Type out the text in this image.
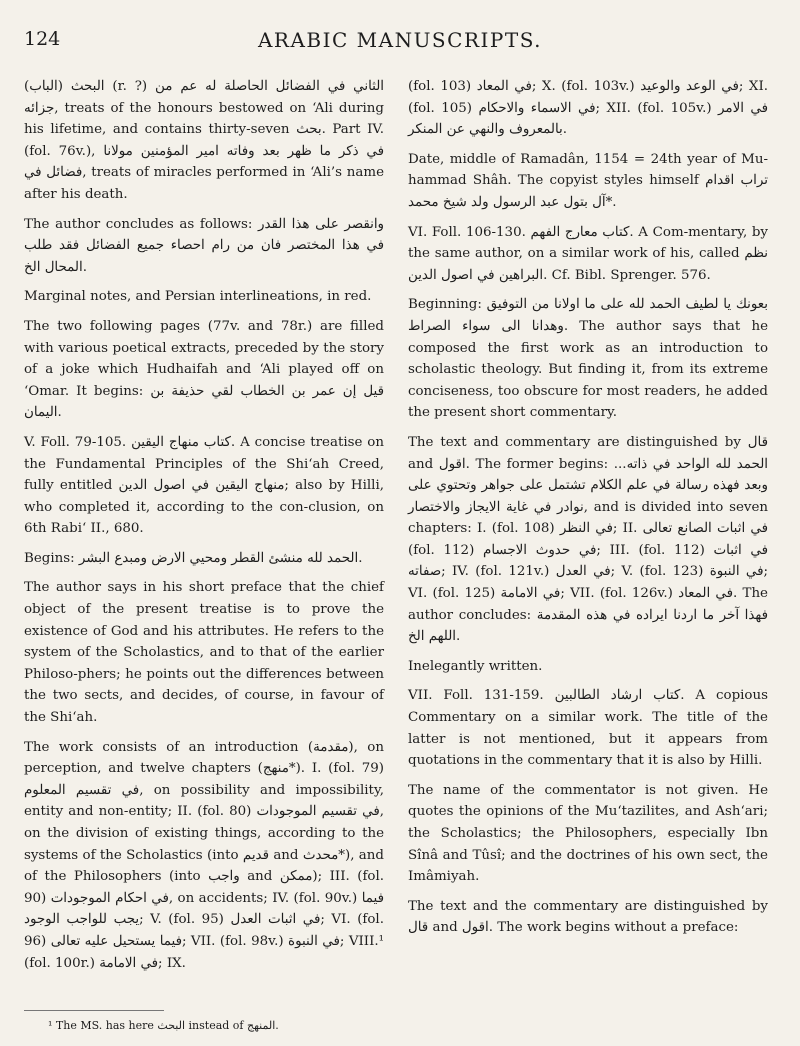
124	ARABIC MANUSCRIPTS.

البحث (الباب) (r. ?) الثاني في الفضائل الحاصلة له عم من جزائه, treats of the honours bestowed on ‘Ali during his lifetime, and contains thirty-seven بحث. Part IV. (fol. 76v.), في ذكر ما ظهر بعد وفاته امير المؤمنين مولانا فضائل في, treats of miracles performed in ‘Ali’s name after his death.

The author concludes as follows: وانقصر على هذا القدر في هذا المختصر فان من رام احصاء جميع الفضائل فقد طلب المحال الخ.

Marginal notes, and Persian interlineations, in red.

The two following pages (77v. and 78r.) are filled with various poetical extracts, preceded by the story of a joke which Hudhaifah and ‘Ali played off on ‘Omar. It begins: قيل إن عمر بن الخطاب لقي حذيفة بن اليمان.

V. Foll. 79-105. كتاب منهاج اليقين. A concise treatise on the Fundamental Principles of the Shi‘ah Creed, fully entitled منهاج اليقين في اصول الدين; also by Hilli, who completed it, according to the con-clusion, on 6th Rabi‘ II., 680.

Begins: الحمد لله منشئ القطر ومحيي الارض ومبدع البشر.

The author says in his short preface that the chief object of the present treatise is to prove the existence of God and his attributes. He refers to the system of the Scholastics, and to that of the earlier Philoso-phers; he points out the differences between the two sects, and decides, of course, in favour of the Shi‘ah.

The work consists of an introduction (مقدمة), on perception, and twelve chapters (منهج*). I. (fol. 79) في تقسيم المعلوم, on possibility and impossibility, entity and non-entity; II. (fol. 80) في تقسيم الموجودات, on the division of existing things, according to the systems of the Scholastics (into قديم and محدث*), and of the Philosophers (into واجب and ممكن); III. (fol. 90) في احكام الموجودات, on accidents; IV. (fol. 90v.) فيما يجب للواجب الوجود; V. (fol. 95) في اثبات العدل; VI. (fol. 96) فيما يستحيل عليه تعالى; VII. (fol. 98v.) في النبوة; VIII.¹ (fol. 100r.) في الامامة; IX.

(fol. 103) في المعاد; X. (fol. 103v.) في الوعد والوعيد; XI. (fol. 105) في الاسماء والاحكام; XII. (fol. 105v.) في الامر بالمعروف والنهي عن المنكر.

Date, middle of Ramadân, 1154 = 24th year of Mu-hammad Shâh. The copyist styles himself تراب اقدام آل بتول عبد الرسول ولد شيخ محمد*.

VI. Foll. 106-130. كتاب معارج الفهم. A Com-mentary, by the same author, on a similar work of his, called نظم البراهين في اصول الدين. Cf. Bibl. Sprenger. 576.

Beginning: بعونك يا لطيف الحمد لله على ما اولانا من التوفيق وهدانا الى سواء الصراط. The author says that he composed the first work as an introduction to scholastic theology. But finding it, from its extreme conciseness, too obscure for most readers, he added the present short commentary.

The text and commentary are distinguished by قال and اقول. The former begins: الحمد لله الواحد في ذاته... وبعد فهذه رسالة في علم الكلام تشتمل على جواهر وتحتوي على نوادر في غاية الايجاز والاختصار, and is divided into seven chapters: I. (fol. 108) في النظر; II. في اثبات الصانع تعالى (fol. 112) في حدوث الاجسام; III. (fol. 112) في اثبات صفاته; IV. (fol. 121v.) في العدل; V. (fol. 123) في النبوة; VI. (fol. 125) في الامامة; VII. (fol. 126v.) في المعاد. The author concludes: فهذا آخر ما اردنا ايراده في هذه المقدمة اللهم الخ.

Inelegantly written.

VII. Foll. 131-159. كتاب ارشاد الطالبين. A copious Commentary on a similar work. The title of the latter is not mentioned, but it appears from quotations in the commentary that it is also by Hilli.

The name of the commentator is not given. He quotes the opinions of the Mu‘tazilites, and Ash‘ari; the Scholastics; the Philosophers, especially Ibn Sînâ and Tûsî; and the doctrines of his own sect, the Imâmiyah.

The text and the commentary are distinguished by قال and اقول. The work begins without a preface:

¹ The MS. has here البحث instead of المنهج.
